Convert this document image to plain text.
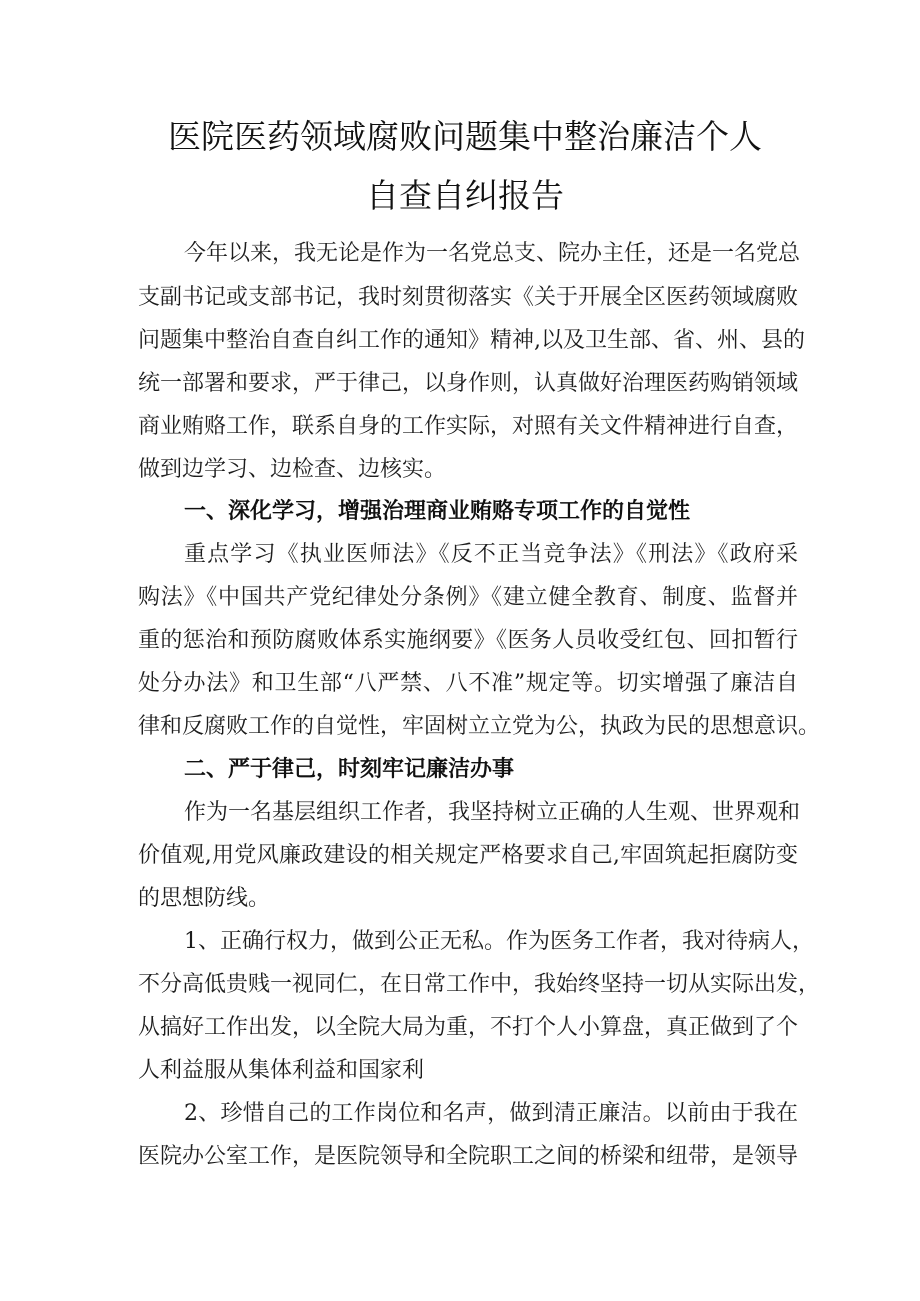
医院医药领域腐败问题集中整治廉洁个人
自查自纠报告
今年以来，我无论是作为一名党总支、院办主任，还是一名党总
支副书记或支部书记，我时刻贯彻落实《关于开展全区医药领域腐败
问题集中整治自查自纠工作的通知》精神,以及卫生部、省、州、县的
统一部署和要求，严于律己，以身作则，认真做好治理医药购销领域
商业贿赂工作，联系自身的工作实际，对照有关文件精神进行自查，
做到边学习、边检查、边核实。
一、深化学习，增强治理商业贿赂专项工作的自觉性
重点学习《执业医师法》《反不正当竞争法》《刑法》《政府采
购法》《中国共产党纪律处分条例》《建立健全教育、制度、监督并
重的惩治和预防腐败体系实施纲要》《医务人员收受红包、回扣暂行
处分办法》和卫生部“八严禁、八不准”规定等。切实增强了廉洁自
律和反腐败工作的自觉性，牢固树立立党为公，执政为民的思想意识。
二、严于律己，时刻牢记廉洁办事
作为一名基层组织工作者，我坚持树立正确的人生观、世界观和
价值观,用党风廉政建设的相关规定严格要求自己,牢固筑起拒腐防变
的思想防线。
1、正确行权力，做到公正无私。作为医务工作者，我对待病人，
不分高低贵贱一视同仁，在日常工作中，我始终坚持一切从实际出发，
从搞好工作出发，以全院大局为重，不打个人小算盘，真正做到了个
人利益服从集体利益和国家利
2、珍惜自己的工作岗位和名声，做到清正廉洁。以前由于我在
医院办公室工作，是医院领导和全院职工之间的桥梁和纽带，是领导
